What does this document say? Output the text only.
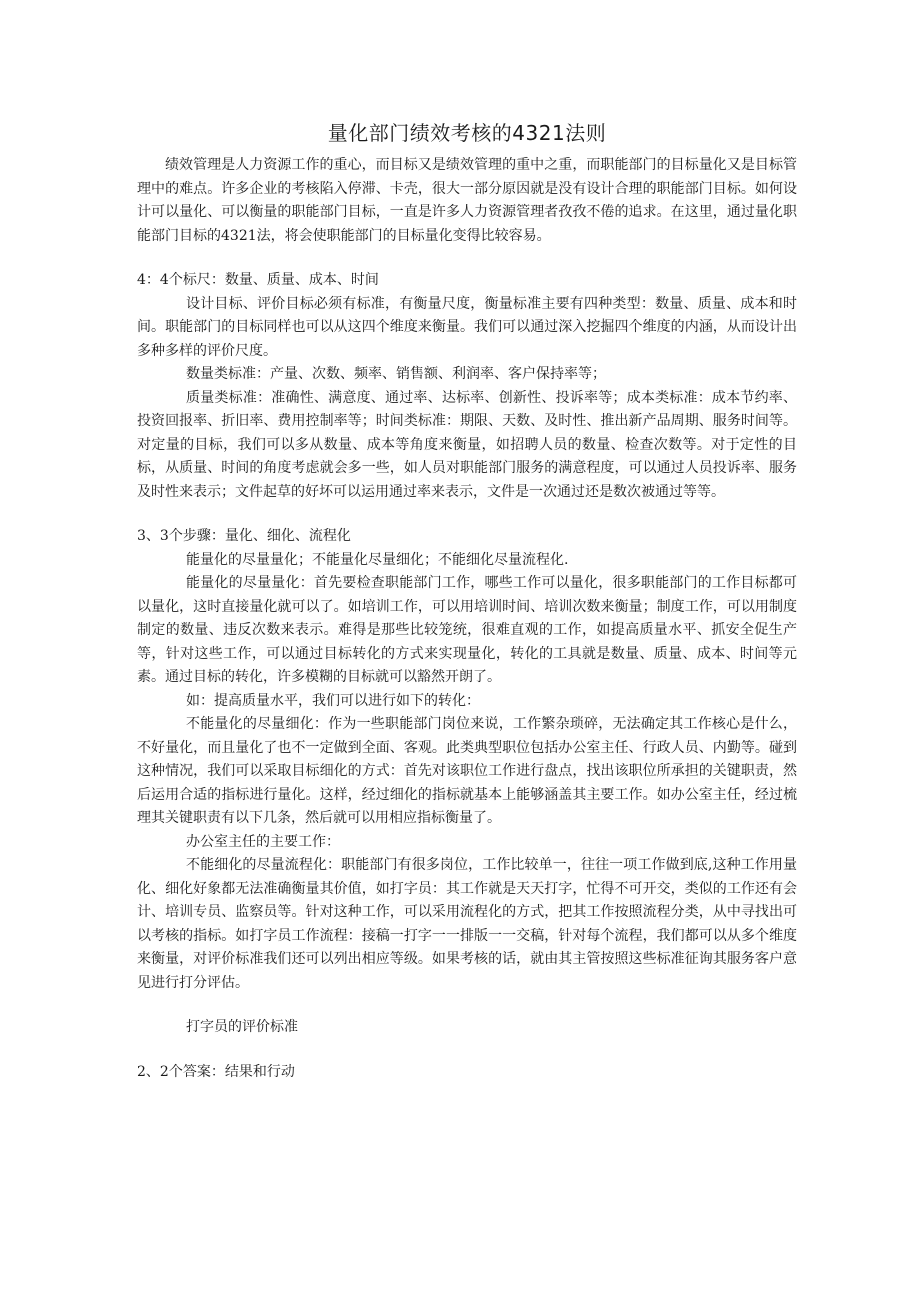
量化部门绩效考核的4321法则

绩效管理是人力资源工作的重心，而目标又是绩效管理的重中之重，而职能部门的目标量化又是目标管理中的难点。许多企业的考核陷入停滞、卡壳，很大一部分原因就是没有设计合理的职能部门目标。如何设计可以量化、可以衡量的职能部门目标，一直是许多人力资源管理者孜孜不倦的追求。在这里，通过量化职能部门目标的4321法，将会使职能部门的目标量化变得比较容易。

4：4个标尺：数量、质量、成本、时间

设计目标、评价目标必须有标准，有衡量尺度，衡量标准主要有四种类型：数量、质量、成本和时间。职能部门的目标同样也可以从这四个维度来衡量。我们可以通过深入挖掘四个维度的内涵，从而设计出多种多样的评价尺度。

数量类标准：产量、次数、频率、销售额、利润率、客户保持率等；

质量类标准：准确性、满意度、通过率、达标率、创新性、投诉率等；成本类标准：成本节约率、投资回报率、折旧率、费用控制率等；时间类标准：期限、天数、及时性、推出新产品周期、服务时间等。对定量的目标，我们可以多从数量、成本等角度来衡量，如招聘人员的数量、检查次数等。对于定性的目标，从质量、时间的角度考虑就会多一些，如人员对职能部门服务的满意程度，可以通过人员投诉率、服务及时性来表示；文件起草的好坏可以运用通过率来表示，文件是一次通过还是数次被通过等等。

3、3个步骤：量化、细化、流程化

能量化的尽量量化；不能量化尽量细化；不能细化尽量流程化.

能量化的尽量量化：首先要检查职能部门工作，哪些工作可以量化，很多职能部门的工作目标都可以量化，这时直接量化就可以了。如培训工作，可以用培训时间、培训次数来衡量；制度工作，可以用制度制定的数量、违反次数来表示。难得是那些比较笼统，很难直观的工作，如提高质量水平、抓安全促生产等，针对这些工作，可以通过目标转化的方式来实现量化，转化的工具就是数量、质量、成本、时间等元素。通过目标的转化，许多模糊的目标就可以豁然开朗了。

如：提高质量水平，我们可以进行如下的转化：

不能量化的尽量细化：作为一些职能部门岗位来说，工作繁杂琐碎，无法确定其工作核心是什么，不好量化，而且量化了也不一定做到全面、客观。此类典型职位包括办公室主任、行政人员、内勤等。碰到这种情况，我们可以采取目标细化的方式：首先对该职位工作进行盘点，找出该职位所承担的关键职责，然后运用合适的指标进行量化。这样，经过细化的指标就基本上能够涵盖其主要工作。如办公室主任，经过梳理其关键职责有以下几条，然后就可以用相应指标衡量了。

办公室主任的主要工作：

不能细化的尽量流程化：职能部门有很多岗位，工作比较单一，往往一项工作做到底,这种工作用量化、细化好象都无法准确衡量其价值，如打字员：其工作就是天天打字，忙得不可开交，类似的工作还有会计、培训专员、监察员等。针对这种工作，可以采用流程化的方式，把其工作按照流程分类，从中寻找出可以考核的指标。如打字员工作流程：接稿一打字一一排版一一交稿，针对每个流程，我们都可以从多个维度来衡量，对评价标准我们还可以列出相应等级。如果考核的话，就由其主管按照这些标准征询其服务客户意见进行打分评估。

打字员的评价标准

2、2个答案：结果和行动
